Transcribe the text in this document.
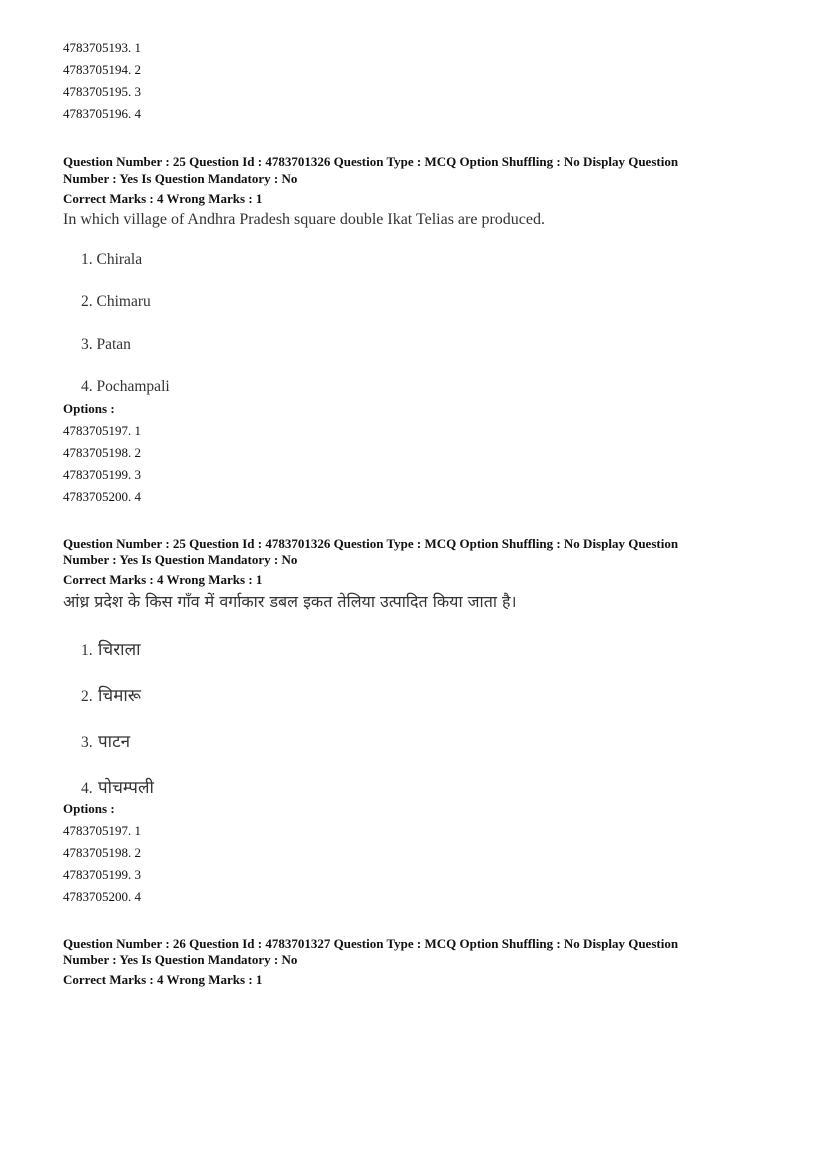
4783705193. 1
4783705194. 2
4783705195. 3
4783705196. 4
Question Number : 25 Question Id : 4783701326 Question Type : MCQ Option Shuffling : No Display Question
Number : Yes Is Question Mandatory : No
Correct Marks : 4 Wrong Marks : 1
In which village of Andhra Pradesh square double Ikat Telias are produced.
1. Chirala
2. Chimaru
3. Patan
4. Pochampali
Options :
4783705197. 1
4783705198. 2
4783705199. 3
4783705200. 4
Question Number : 25 Question Id : 4783701326 Question Type : MCQ Option Shuffling : No Display Question
Number : Yes Is Question Mandatory : No
Correct Marks : 4 Wrong Marks : 1
आंध्र प्रदेश के किस गाँव में वर्गाकार डबल इकत तेलिया उत्पादित किया जाता है।
1. चिराला
2. चिमारू
3. पाटन
4. पोचम्पली
Options :
4783705197. 1
4783705198. 2
4783705199. 3
4783705200. 4
Question Number : 26 Question Id : 4783701327 Question Type : MCQ Option Shuffling : No Display Question
Number : Yes Is Question Mandatory : No
Correct Marks : 4 Wrong Marks : 1
